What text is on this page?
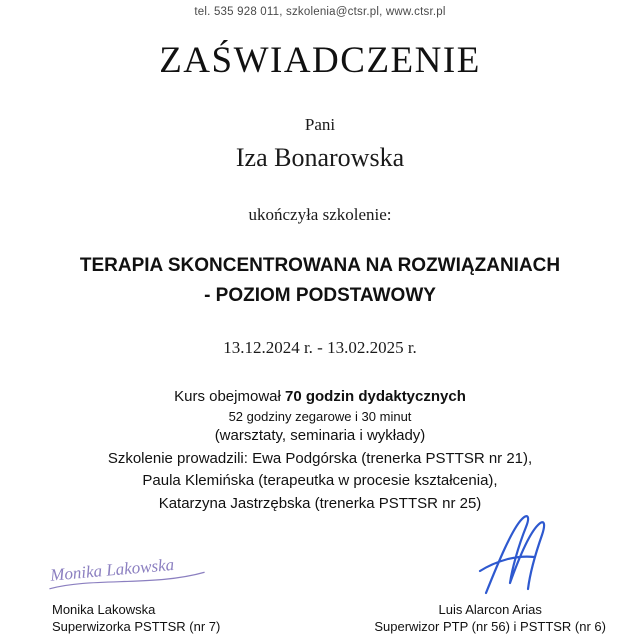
tel. 535 928 011, szkolenia@ctsr.pl, www.ctsr.pl
ZAŚWIADCZENIE
Pani
Iza Bonarowska
ukończyła szkolenie:
TERAPIA SKONCENTROWANA NA ROZWIĄZANIACH
- POZIOM PODSTAWOWY
13.12.2024 r. - 13.02.2025 r.
Kurs obejmował 70 godzin dydaktycznych
52 godziny zegarowe i 30 minut
(warsztaty, seminaria i wykłady)
Szkolenie prowadzili: Ewa Podgórska (trenerka PSTTSR nr 21),
Paula Klemińska (terapeutka w procesie kształcenia),
Katarzyna Jastrzębska (trenerka PSTTSR nr 25)
Monika Lakowska
Monika Lakowska
Superwizorka PSTTSR (nr 7)
Luis Alarcon Arias
Superwizor PTP (nr 56) i PSTTSR (nr 6)
